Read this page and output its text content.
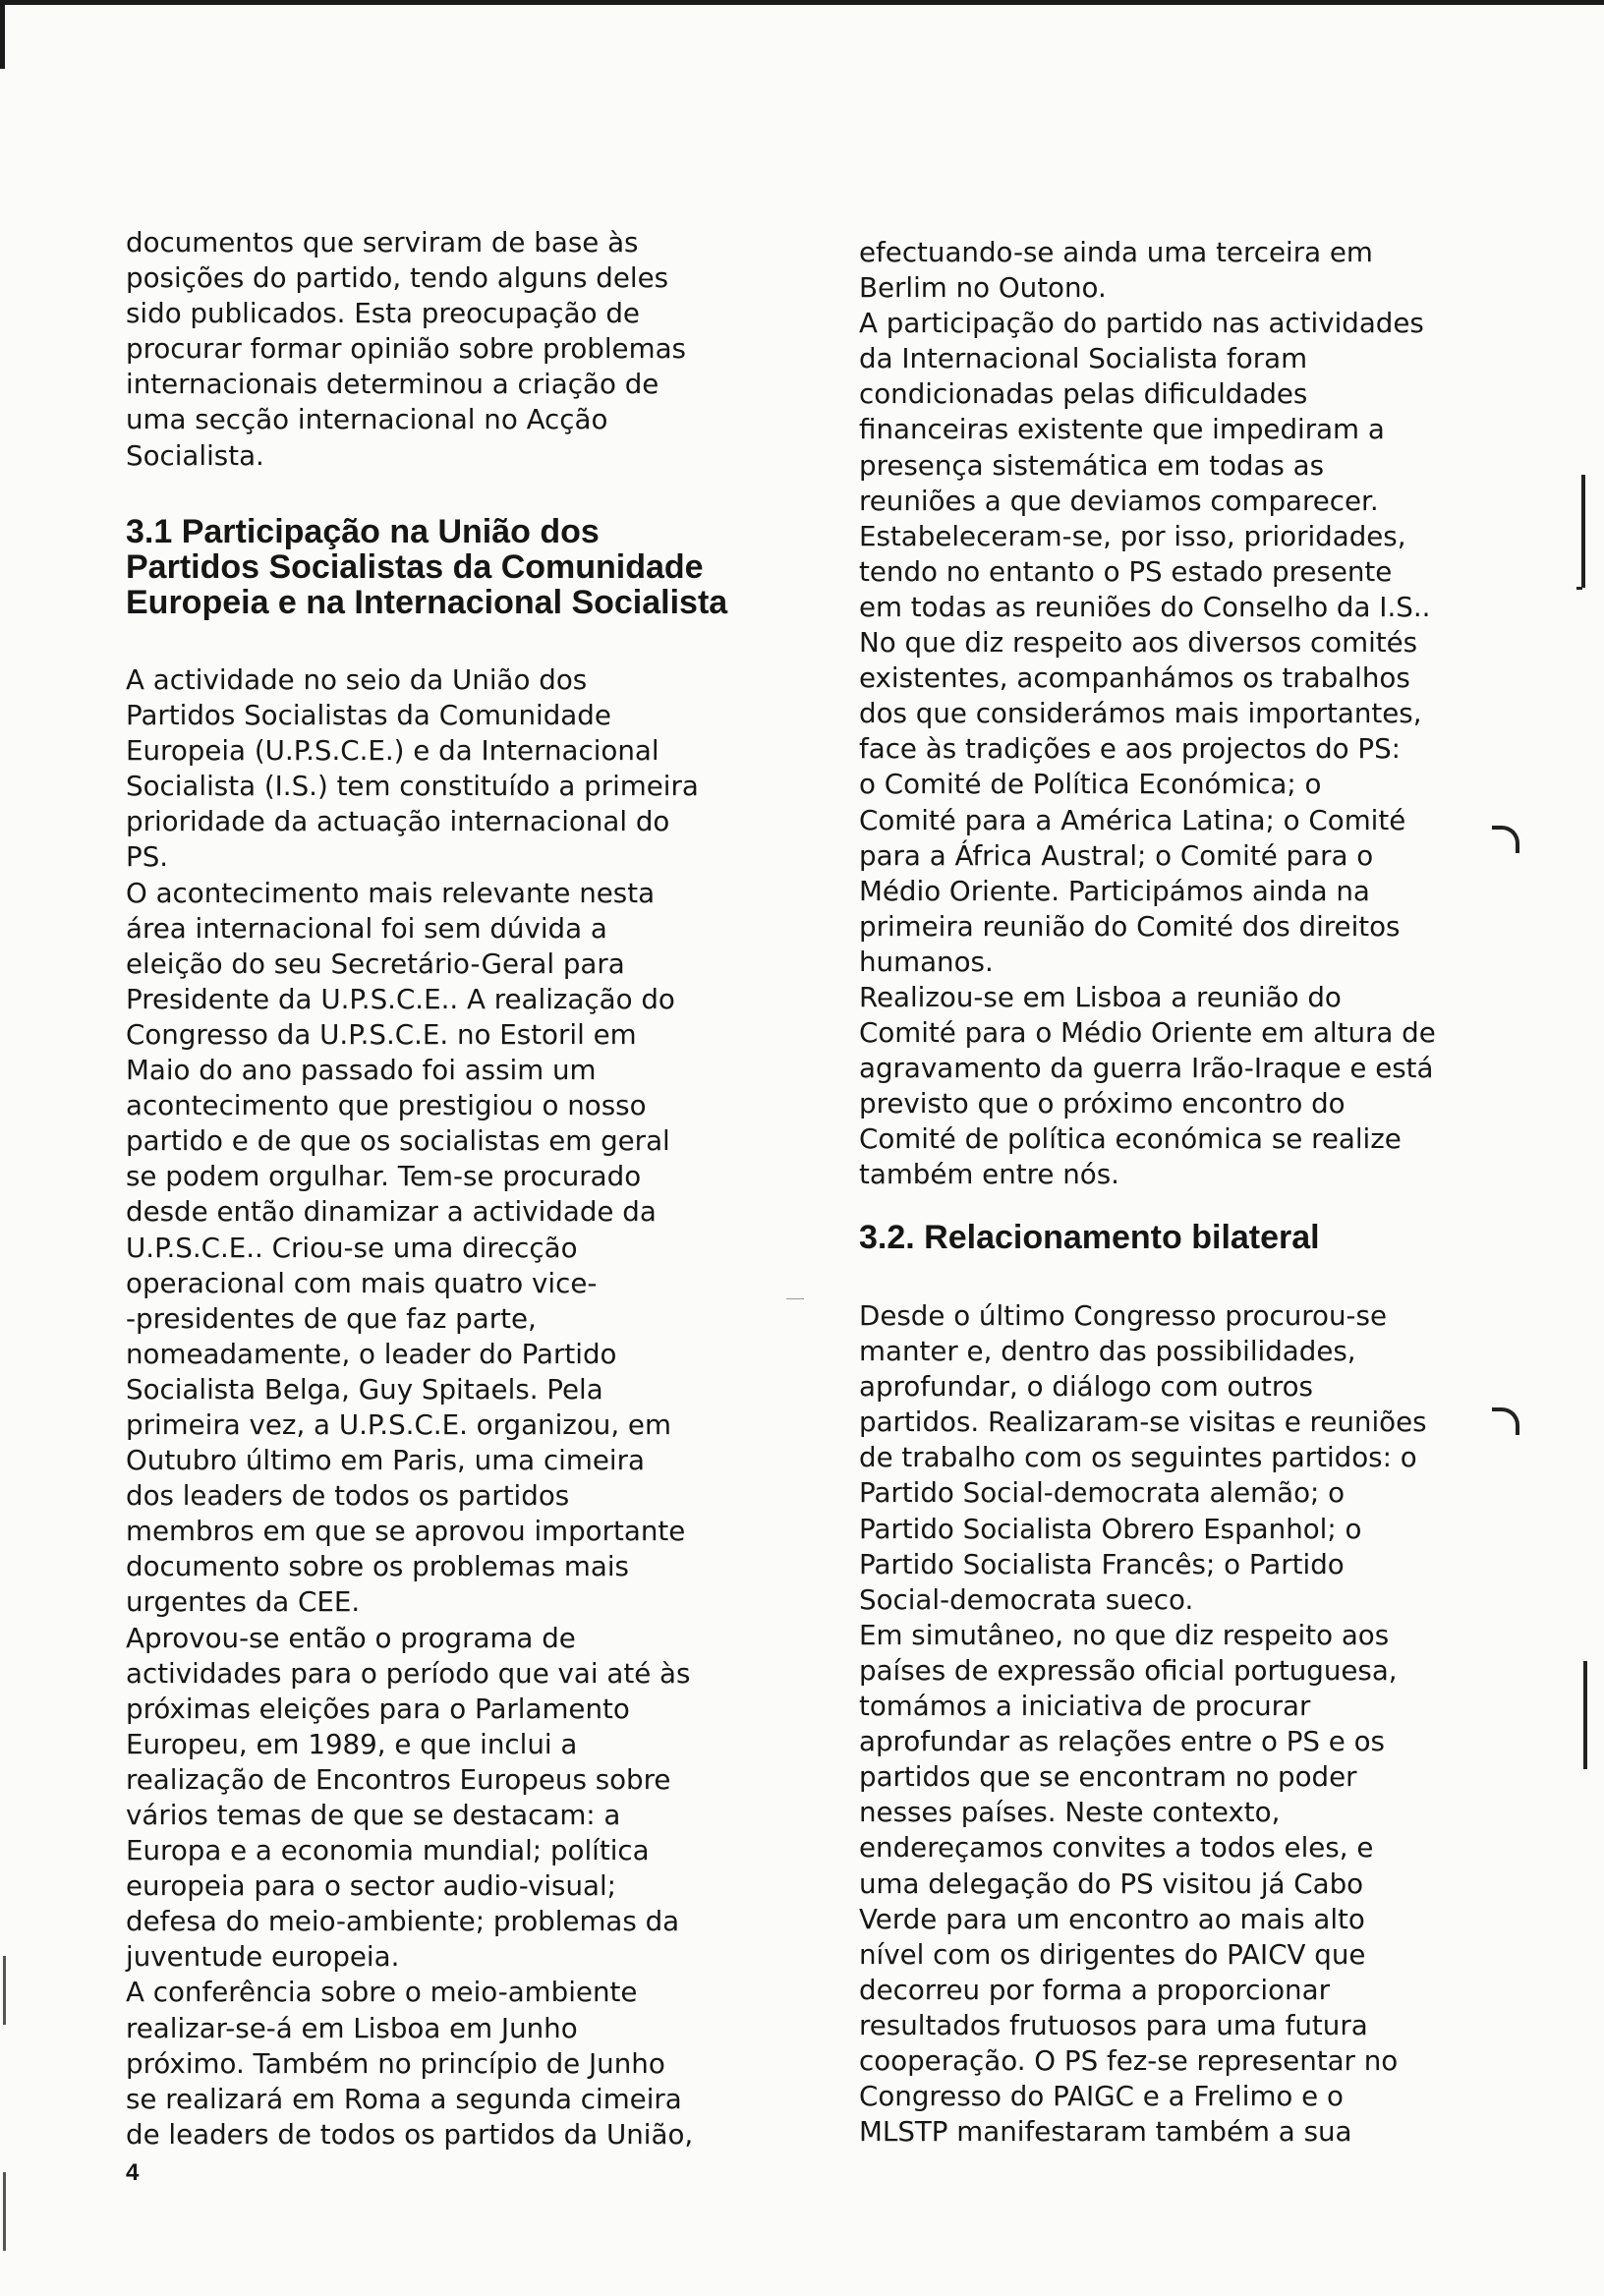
documentos que serviram de base às
posições do partido, tendo alguns deles
sido publicados. Esta preocupação de
procurar formar opinião sobre problemas
internacionais determinou a criação de
uma secção internacional no Acção
Socialista.

3.1 Participação na União dos
Partidos Socialistas da Comunidade
Europeia e na Internacional Socialista

A actividade no seio da União dos
Partidos Socialistas da Comunidade
Europeia (U.P.S.C.E.) e da Internacional
Socialista (I.S.) tem constituído a primeira
prioridade da actuação internacional do
PS.
O acontecimento mais relevante nesta
área internacional foi sem dúvida a
eleição do seu Secretário-Geral para
Presidente da U.P.S.C.E.. A realização do
Congresso da U.P.S.C.E. no Estoril em
Maio do ano passado foi assim um
acontecimento que prestigiou o nosso
partido e de que os socialistas em geral
se podem orgulhar. Tem-se procurado
desde então dinamizar a actividade da
U.P.S.C.E.. Criou-se uma direcção
operacional com mais quatro vice-
-presidentes de que faz parte,
nomeadamente, o leader do Partido
Socialista Belga, Guy Spitaels. Pela
primeira vez, a U.P.S.C.E. organizou, em
Outubro último em Paris, uma cimeira
dos leaders de todos os partidos
membros em que se aprovou importante
documento sobre os problemas mais
urgentes da CEE.
Aprovou-se então o programa de
actividades para o período que vai até às
próximas eleições para o Parlamento
Europeu, em 1989, e que inclui a
realização de Encontros Europeus sobre
vários temas de que se destacam: a
Europa e a economia mundial; política
europeia para o sector audio-visual;
defesa do meio-ambiente; problemas da
juventude europeia.
A conferência sobre o meio-ambiente
realizar-se-á em Lisboa em Junho
próximo. Também no princípio de Junho
se realizará em Roma a segunda cimeira
de leaders de todos os partidos da União,

efectuando-se ainda uma terceira em
Berlim no Outono.
A participação do partido nas actividades
da Internacional Socialista foram
condicionadas pelas dificuldades
financeiras existente que impediram a
presença sistemática em todas as
reuniões a que deviamos comparecer.
Estabeleceram-se, por isso, prioridades,
tendo no entanto o PS estado presente
em todas as reuniões do Conselho da I.S..
No que diz respeito aos diversos comités
existentes, acompanhámos os trabalhos
dos que considerámos mais importantes,
face às tradições e aos projectos do PS:
o Comité de Política Económica; o
Comité para a América Latina; o Comité
para a África Austral; o Comité para o
Médio Oriente. Participámos ainda na
primeira reunião do Comité dos direitos
humanos.
Realizou-se em Lisboa a reunião do
Comité para o Médio Oriente em altura de
agravamento da guerra Irão-Iraque e está
previsto que o próximo encontro do
Comité de política económica se realize
também entre nós.

3.2. Relacionamento bilateral

Desde o último Congresso procurou-se
manter e, dentro das possibilidades,
aprofundar, o diálogo com outros
partidos. Realizaram-se visitas e reuniões
de trabalho com os seguintes partidos: o
Partido Social-democrata alemão; o
Partido Socialista Obrero Espanhol; o
Partido Socialista Francês; o Partido
Social-democrata sueco.
Em simutâneo, no que diz respeito aos
países de expressão oficial portuguesa,
tomámos a iniciativa de procurar
aprofundar as relações entre o PS e os
partidos que se encontram no poder
nesses países. Neste contexto,
endereçamos convites a todos eles, e
uma delegação do PS visitou já Cabo
Verde para um encontro ao mais alto
nível com os dirigentes do PAICV que
decorreu por forma a proporcionar
resultados frutuosos para uma futura
cooperação. O PS fez-se representar no
Congresso do PAIGC e a Frelimo e o
MLSTP manifestaram também a sua

4
